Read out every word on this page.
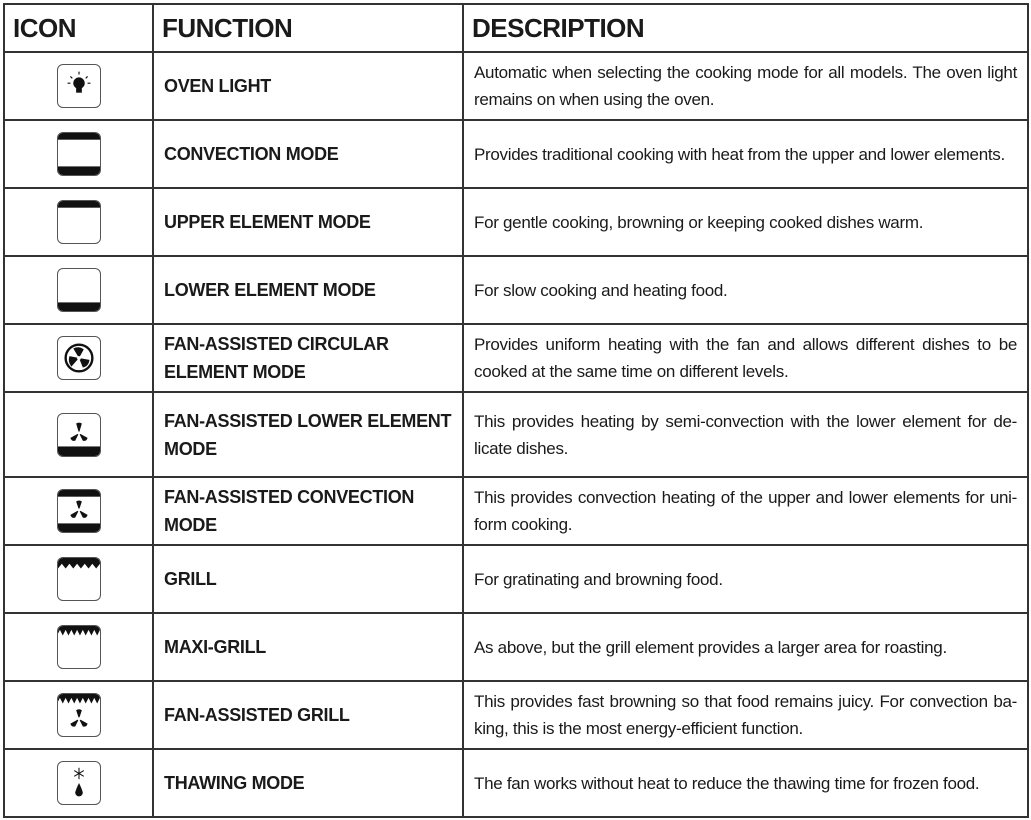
ICON	FUNCTION	DESCRIPTION

	OVEN LIGHT	Automatic when selecting the cooking mode for all models. The oven light remains on when using the oven.

	CONVECTION MODE	Provides traditional cooking with heat from the upper and lower elements.

	UPPER ELEMENT MODE	For gentle cooking, browning or keeping cooked dishes warm.

	LOWER ELEMENT MODE	For slow cooking and heating food.

	FAN-ASSISTED CIRCULAR ELEMENT MODE	Provides uniform heating with the fan and allows different dishes to be cooked at the same time on different levels.

	FAN-ASSISTED LOWER ELEMENT MODE	This provides heating by semi-convection with the lower element for de-licate dishes.

	FAN-ASSISTED CONVECTION MODE	This provides convection heating of the upper and lower elements for uni-form cooking.

	GRILL	For gratinating and browning food.

	MAXI-GRILL	As above, but the grill element provides a larger area for roasting.

	FAN-ASSISTED GRILL	This provides fast browning so that food remains juicy. For convection ba-king, this is the most energy-efficient function.

	THAWING MODE	The fan works without heat to reduce the thawing time for frozen food.
